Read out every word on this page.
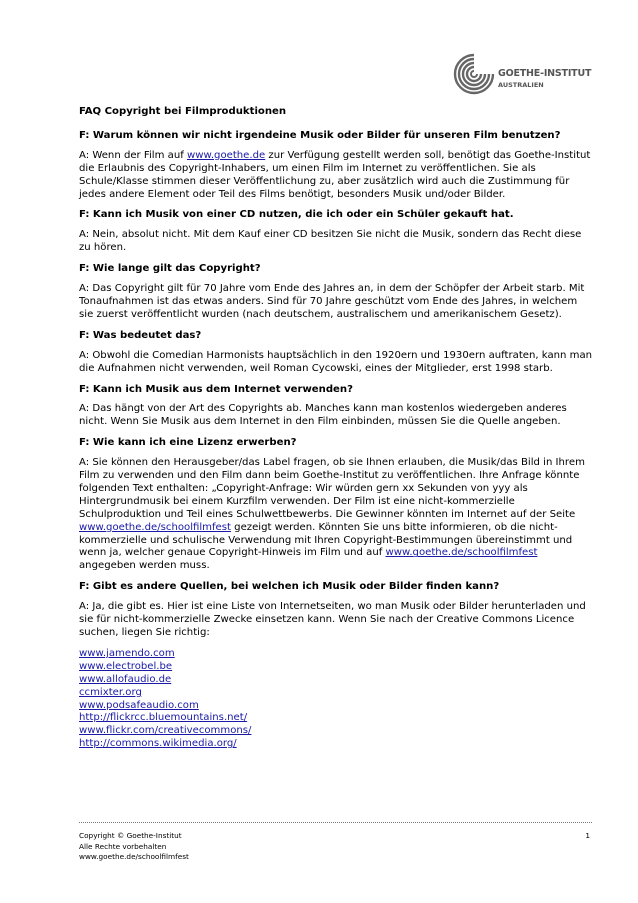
GOETHE-INSTITUT
AUSTRALIEN
FAQ Copyright bei Filmproduktionen
F: Warum können wir nicht irgendeine Musik oder Bilder für unseren Film benutzen?

A: Wenn der Film auf www.goethe.de zur Verfügung gestellt werden soll, benötigt das Goethe-Institut die Erlaubnis des Copyright-Inhabers, um einen Film im Internet zu veröffentlichen. Sie als Schule/Klasse stimmen dieser Veröffentlichung zu, aber zusätzlich wird auch die Zustimmung für jedes andere Element oder Teil des Films benötigt, besonders Musik und/oder Bilder.

F: Kann ich Musik von einer CD nutzen, die ich oder ein Schüler gekauft hat.

A: Nein, absolut nicht. Mit dem Kauf einer CD besitzen Sie nicht die Musik, sondern das Recht diese zu hören.

F: Wie lange gilt das Copyright?

A: Das Copyright gilt für 70 Jahre vom Ende des Jahres an, in dem der Schöpfer der Arbeit starb. Mit Tonaufnahmen ist das etwas anders. Sind für 70 Jahre geschützt vom Ende des Jahres, in welchem sie zuerst veröffentlicht wurden (nach deutschem, australischem und amerikanischem Gesetz).

F: Was bedeutet das?

A: Obwohl die Comedian Harmonists hauptsächlich in den 1920ern und 1930ern auftraten, kann man die Aufnahmen nicht verwenden, weil Roman Cycowski, eines der Mitglieder, erst 1998 starb.

F: Kann ich Musik aus dem Internet verwenden?

A: Das hängt von der Art des Copyrights ab. Manches kann man kostenlos wiedergeben anderes nicht. Wenn Sie Musik aus dem Internet in den Film einbinden, müssen Sie die Quelle angeben.

F: Wie kann ich eine Lizenz erwerben?

A: Sie können den Herausgeber/das Label fragen, ob sie Ihnen erlauben, die Musik/das Bild in Ihrem Film zu verwenden und den Film dann beim Goethe-Institut zu veröffentlichen. Ihre Anfrage könnte folgenden Text enthalten: „Copyright-Anfrage: Wir würden gern xx Sekunden von yyy als Hintergrundmusik bei einem Kurzfilm verwenden. Der Film ist eine nicht-kommerzielle Schulproduktion und Teil eines Schulwettbewerbs. Die Gewinner könnten im Internet auf der Seite www.goethe.de/schoolfilmfest gezeigt werden. Könnten Sie uns bitte informieren, ob die nicht-kommerzielle und schulische Verwendung mit Ihren Copyright-Bestimmungen übereinstimmt und wenn ja, welcher genaue Copyright-Hinweis im Film und auf www.goethe.de/schoolfilmfest angegeben werden muss.

F: Gibt es andere Quellen, bei welchen ich Musik oder Bilder finden kann?

A: Ja, die gibt es. Hier ist eine Liste von Internetseiten, wo man Musik oder Bilder herunterladen und sie für nicht-kommerzielle Zwecke einsetzen kann. Wenn Sie nach der Creative Commons Licence suchen, liegen Sie richtig:

www.jamendo.com
www.electrobel.be
www.allofaudio.de
ccmixter.org
www.podsafeaudio.com
http://flickrcc.bluemountains.net/
www.flickr.com/creativecommons/
http://commons.wikimedia.org/
Copyright © Goethe-Institut
Alle Rechte vorbehalten
www.goethe.de/schoolfilmfest
1
